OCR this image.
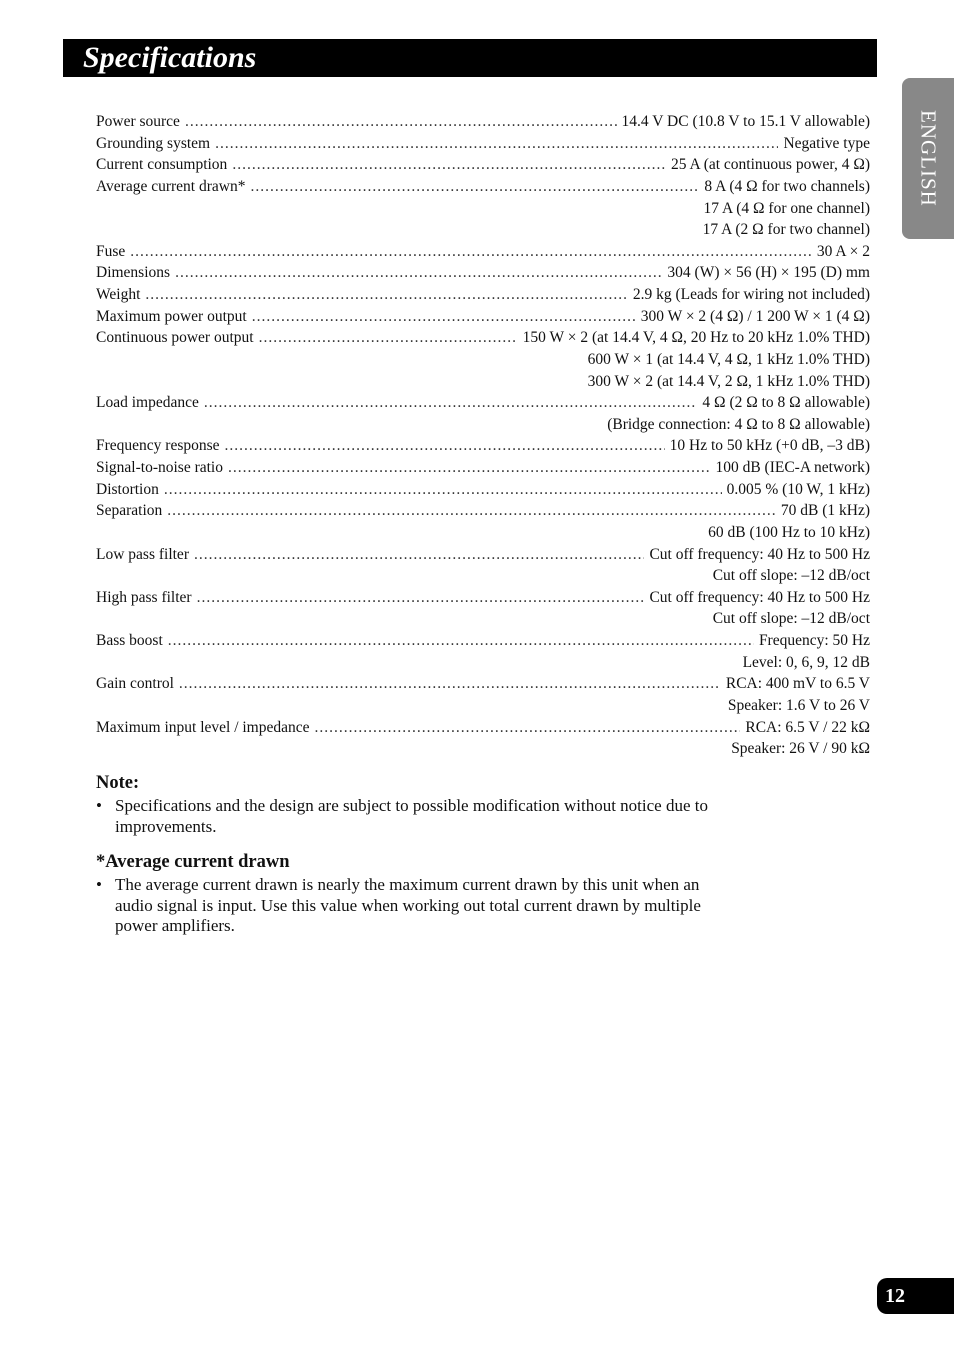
Specifications
ENGLISH
Power source .....	14.4 V DC (10.8 V to 15.1 V allowable)
Grounding system .....	Negative type
Current consumption .....	25 A (at continuous power, 4 Ω)
Average current drawn* .....	8 A (4 Ω for two channels)
17 A (4 Ω for one channel)
17 A (2 Ω for two channel)
Fuse .....	30 A × 2
Dimensions .....	304 (W) × 56 (H) × 195 (D) mm
Weight .....	2.9 kg (Leads for wiring not included)
Maximum power output .....	300 W × 2 (4 Ω) / 1 200 W × 1 (4 Ω)
Continuous power output .....	150 W × 2 (at 14.4 V, 4 Ω, 20 Hz to 20 kHz 1.0% THD)
600 W × 1 (at 14.4 V, 4 Ω, 1 kHz 1.0% THD)
300 W × 2 (at 14.4 V, 2 Ω, 1 kHz 1.0% THD)
Load impedance .....	4 Ω (2 Ω to 8 Ω allowable)
(Bridge connection: 4 Ω to 8 Ω allowable)
Frequency response .....	10 Hz to 50 kHz (+0 dB, –3 dB)
Signal-to-noise ratio .....	100 dB (IEC-A network)
Distortion .....	0.005 % (10 W, 1 kHz)
Separation .....	70 dB (1 kHz)
60 dB (100 Hz to 10 kHz)
Low pass filter .....	Cut off frequency: 40 Hz to 500 Hz
Cut off slope: –12 dB/oct
High pass filter .....	Cut off frequency: 40 Hz to 500 Hz
Cut off slope: –12 dB/oct
Bass boost .....	Frequency: 50 Hz
Level: 0, 6, 9, 12 dB
Gain control .....	RCA: 400 mV to 6.5 V
Speaker: 1.6 V to 26 V
Maximum input level / impedance .....	RCA: 6.5 V / 22 kΩ
Speaker: 26 V / 90 kΩ

Note:

• Specifications and the design are subject to possible modification without notice due to improvements.

*Average current drawn

• The average current drawn is nearly the maximum current drawn by this unit when an audio signal is input. Use this value when working out total current drawn by multiple power amplifiers.

12
